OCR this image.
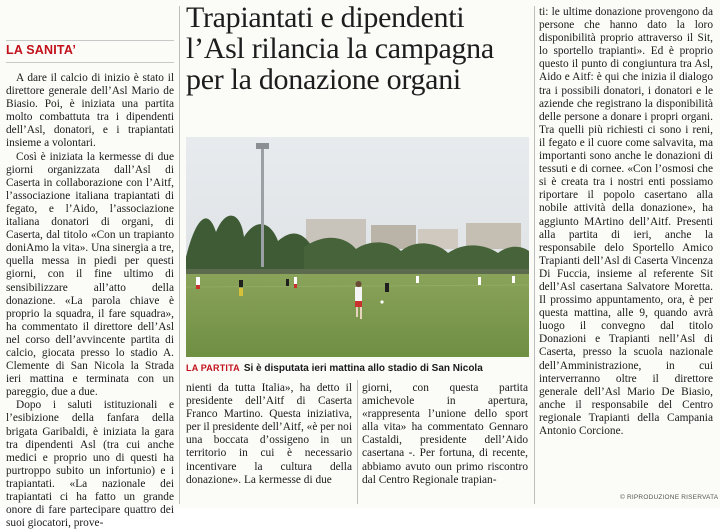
LA SANITA’

A dare il calcio di inizio è stato il direttore generale dell’Asl Mario de Biasio. Poi, è iniziata una partita molto combattuta tra i dipendenti dell’Asl, donatori, e i trapiantati insieme a volontari.

Così è iniziata la kermesse di due giorni organizzata dall’Asl di Caserta in collaborazione con l’Aitf, l’associazione italiana trapiantati di fegato, e l’Aido, l’associazione italiana donatori di organi, di Caserta, dal titolo «Con un trapianto doniAmo la vita». Una sinergia a tre, quella messa in piedi per questi giorni, con il fine ultimo di sensibilizzare all’atto della donazione. «La parola chiave è proprio la squadra, il fare squadra», ha commentato il direttore dell’Asl nel corso dell’avvincente partita di calcio, giocata presso lo stadio A. Clemente di San Nicola la Strada ieri mattina e terminata con un pareggio, due a due.

Dopo i saluti istituzionali e l’esibizione della fanfara della brigata Garibaldi, è iniziata la gara tra dipendenti Asl (tra cui anche medici e proprio uno di questi ha purtroppo subito un infortunio) e i trapiantati. «La nazionale dei trapiantati ci ha fatto un grande onore di fare partecipare quattro dei suoi giocatori, prove-

Trapiantati e dipendenti
l’Asl rilancia la campagna
per la donazione organi
LA PARTITA Si è disputata ieri mattina allo stadio di San Nicola

nienti da tutta Italia», ha detto il presidente dell’Aitf di Caserta Franco Martino. Questa iniziativa, per il presidente dell’Aitf, «è per noi una boccata d’ossigeno in un territorio in cui è necessario incentivare la cultura della donazione». La kermesse di due

giorni, con questa partita amichevole in apertura, «rappresenta l’unione dello sport alla vita» ha commentato Gennaro Castaldi, presidente dell’Aido casertana -. Per fortuna, di recente, abbiamo avuto oun primo riscontro dal Centro Regionale trapian-

ti: le ultime donazione provengono da persone che hanno dato la loro disponibilità proprio attraverso il Sit, lo sportello trapianti». Ed è proprio questo il punto di congiuntura tra Asl, Aido e Aitf: è qui che inizia il dialogo tra i possibili donatori, i donatori e le aziende che registrano la disponibilità delle persone a donare i propri organi. Tra quelli più richiesti ci sono i reni, il fegato e il cuore come salvavita, ma importanti sono anche le donazioni di tessuti e di cornee. «Con l’osmosi che si è creata tra i nostri enti possiamo riportare il popolo casertano alla nobile attività della donazione», ha aggiunto MArtino dell’Aitf. Presenti alla partita di ieri, anche la responsabile delo Sportello Amico Trapianti dell’Asl di Caserta Vincenza Di Fuccia, insieme al referente Sit dell’Asl casertana Salvatore Moretta. Il prossimo appuntamento, ora, è per questa mattina, alle 9, quando avrà luogo il convegno dal titolo Donazioni e Trapianti nell’Asl di Caserta, presso la scuola nazionale dell’Amministrazione, in cui interverranno oltre il direttore generale dell’Asl Mario De Biasio, anche il responsabile del Centro regionale Trapianti della Campania Antonio Corcione.

© RIPRODUZIONE RISERVATA
